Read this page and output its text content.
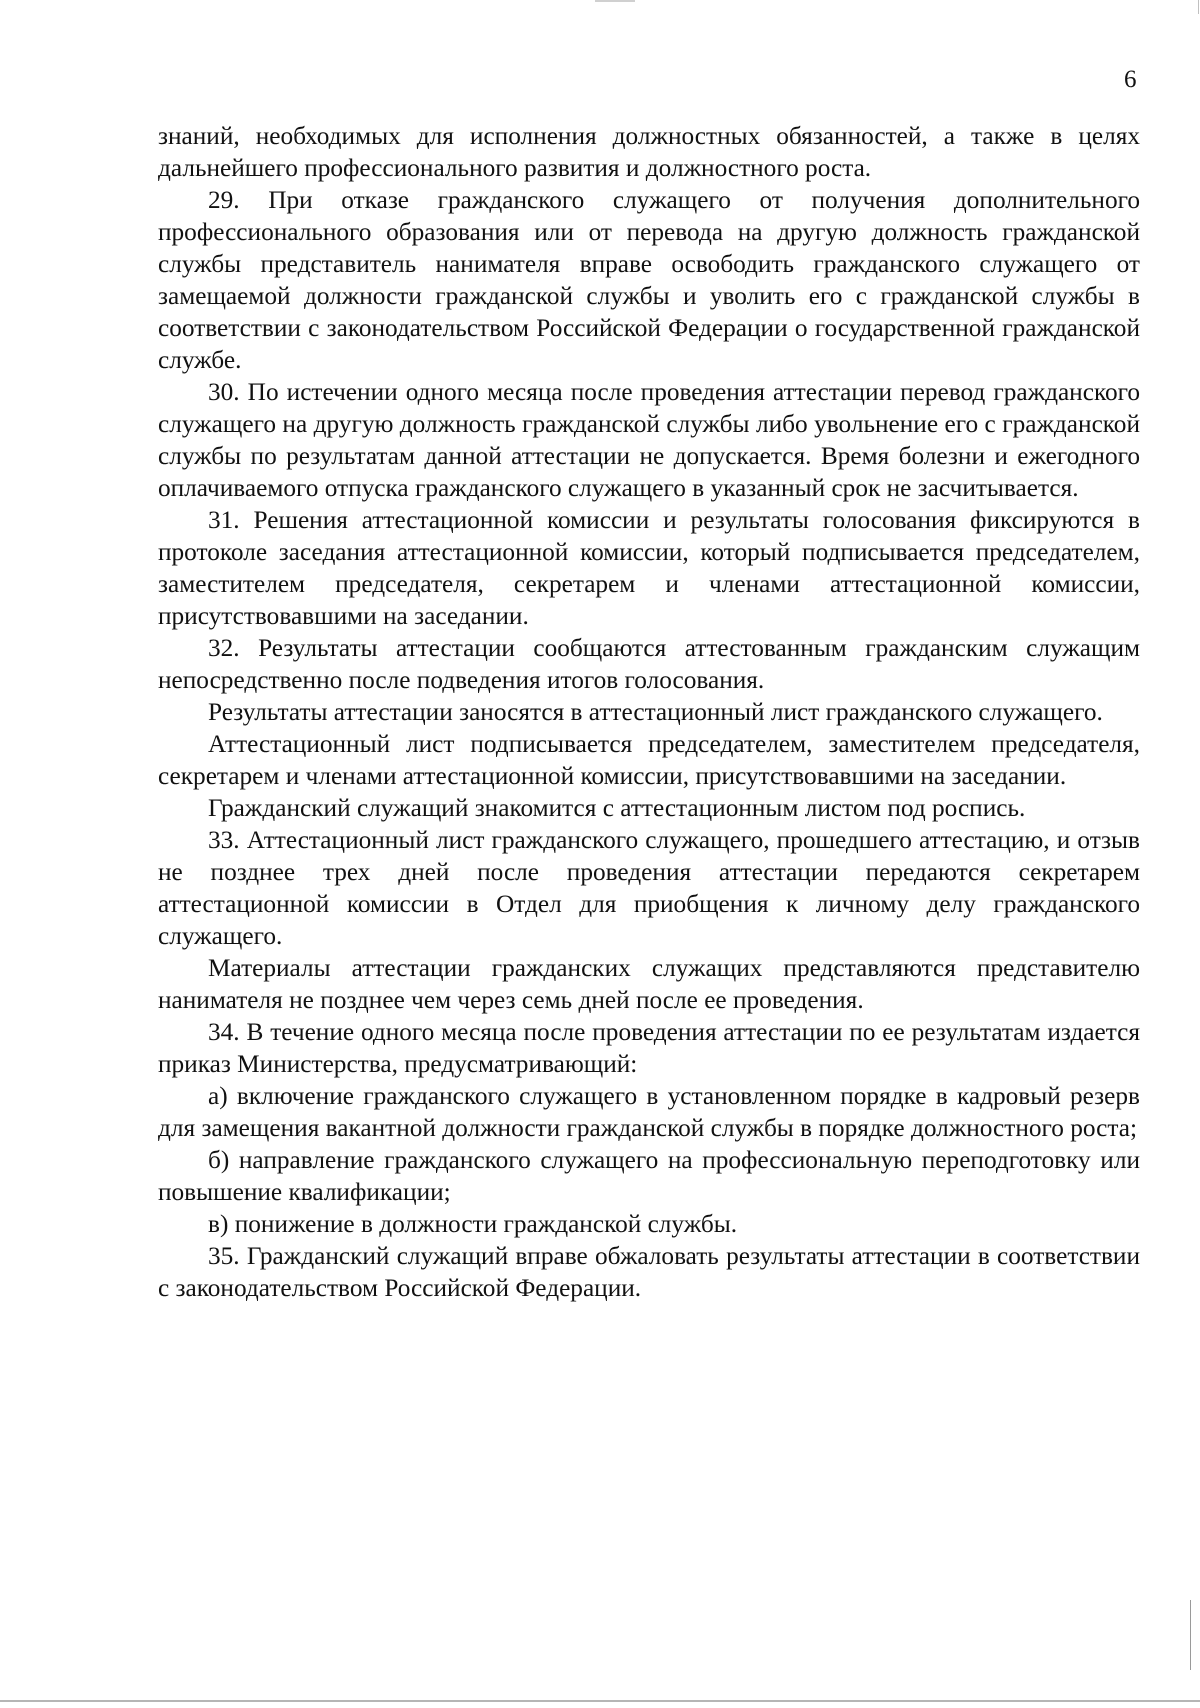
6

знаний, необходимых для исполнения должностных обязанностей, а также в целях дальнейшего профессионального развития и должностного роста.

29. При отказе гражданского служащего от получения дополнительного профессионального образования или от перевода на другую должность гражданской службы представитель нанимателя вправе освободить гражданского служащего от замещаемой должности гражданской службы и уволить его с гражданской службы в соответствии с законодательством Российской Федерации о государственной гражданской службе.

30. По истечении одного месяца после проведения аттестации перевод гражданского служащего на другую должность гражданской службы либо увольнение его с гражданской службы по результатам данной аттестации не допускается. Время болезни и ежегодного оплачиваемого отпуска гражданского служащего в указанный срок не засчитывается.

31. Решения аттестационной комиссии и результаты голосования фиксируются в протоколе заседания аттестационной комиссии, который подписывается председателем, заместителем председателя, секретарем и членами аттестационной комиссии, присутствовавшими на заседании.

32. Результаты аттестации сообщаются аттестованным гражданским служащим непосредственно после подведения итогов голосования.

Результаты аттестации заносятся в аттестационный лист гражданского служащего.

Аттестационный лист подписывается председателем, заместителем председателя, секретарем и членами аттестационной комиссии, присутствовавшими на заседании.

Гражданский служащий знакомится с аттестационным листом под роспись.

33. Аттестационный лист гражданского служащего, прошедшего аттестацию, и отзыв не позднее трех дней после проведения аттестации передаются секретарем аттестационной комиссии в Отдел для приобщения к личному делу гражданского служащего.

Материалы аттестации гражданских служащих представляются представителю нанимателя не позднее чем через семь дней после ее проведения.

34. В течение одного месяца после проведения аттестации по ее результатам издается приказ Министерства, предусматривающий:

а) включение гражданского служащего в установленном порядке в кадровый резерв для замещения вакантной должности гражданской службы в порядке должностного роста;

б) направление гражданского служащего на профессиональную переподготовку или повышение квалификации;

в) понижение в должности гражданской службы.

35. Гражданский служащий вправе обжаловать результаты аттестации в соответствии с законодательством Российской Федерации.
